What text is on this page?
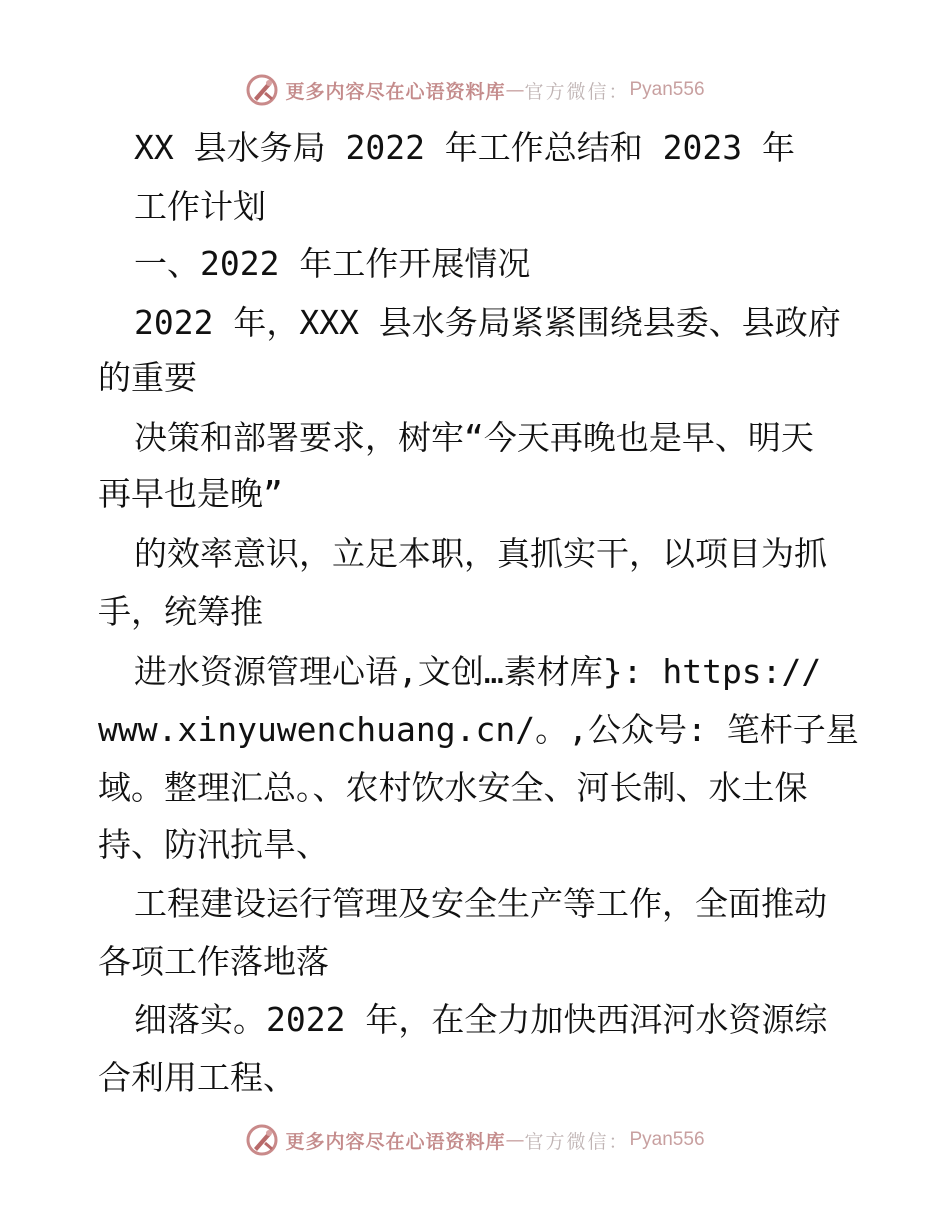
更多内容尽在心语资料库 — 官方微信： Pyan556
XX 县水务局 2022 年工作总结和 2023 年
工作计划
一、2022 年工作开展情况
2022 年，XXX 县水务局紧紧围绕县委、县政府
的重要
决策和部署要求，树牢“今天再晚也是早、明天
再早也是晚”
的效率意识，立足本职，真抓实干，以项目为抓
手，统筹推
进水资源管理心语,文创…素材库}: https://
www.xinyuwenchuang.cn/。,公众号: 笔杆子星
域。整理汇总。、农村饮水安全、河长制、水土保
持、防汛抗旱、
工程建设运行管理及安全生产等工作，全面推动
各项工作落地落
细落实。2022 年，在全力加快西洱河水资源综
合利用工程、
更多内容尽在心语资料库 — 官方微信： Pyan556
